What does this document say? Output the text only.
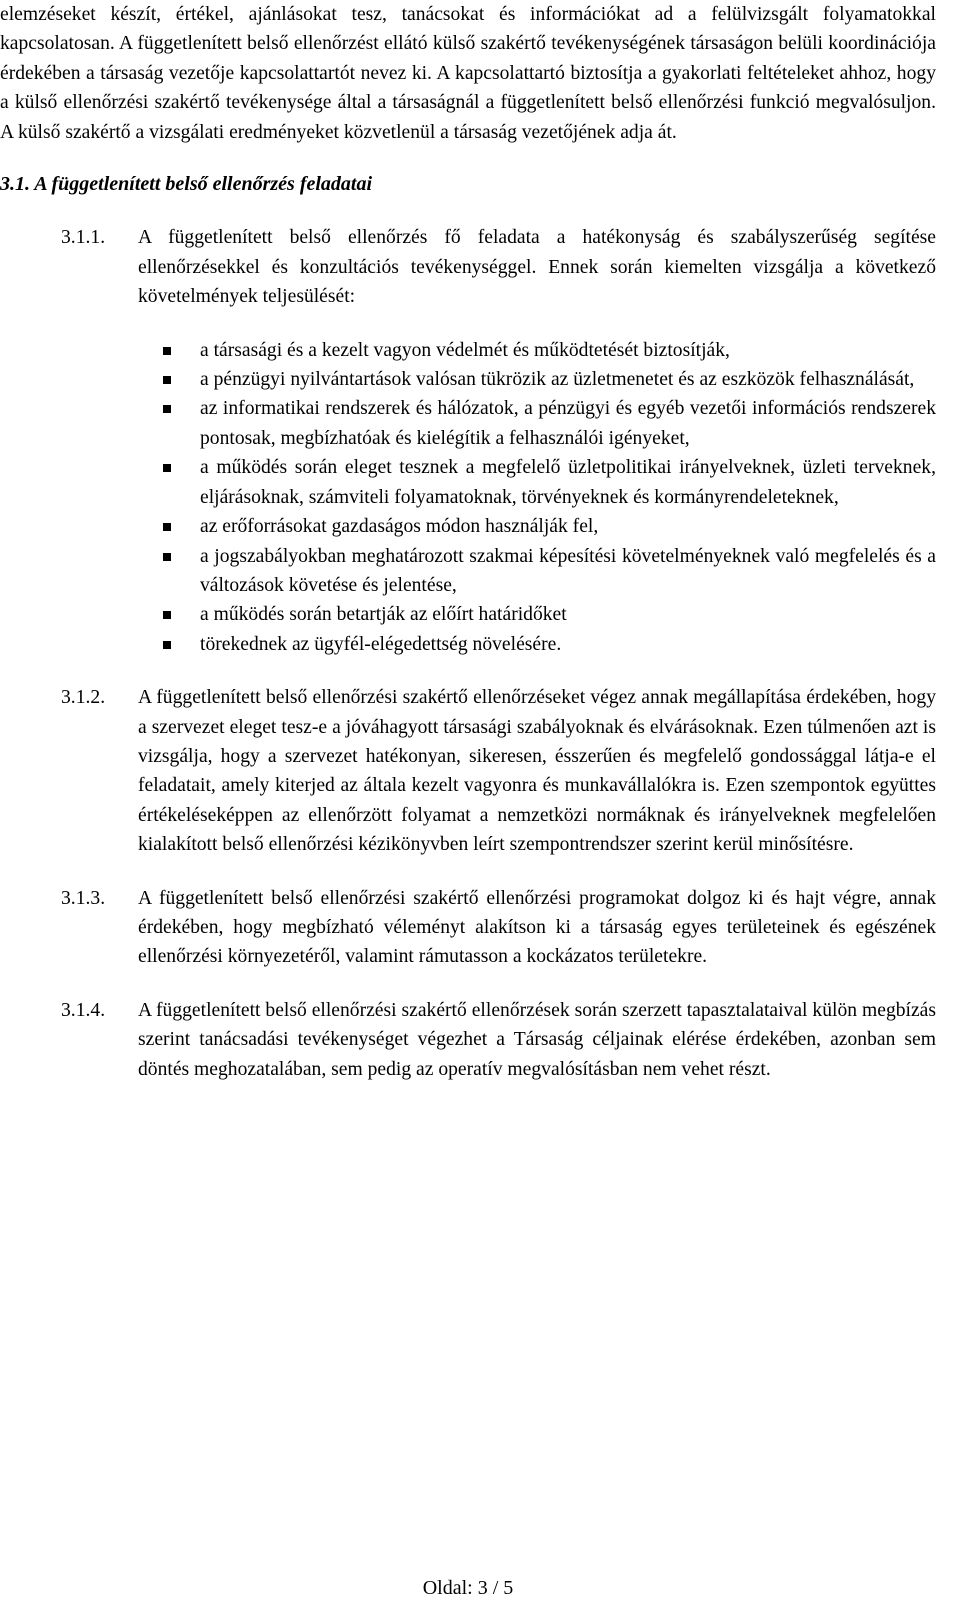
elemzéseket készít, értékel, ajánlásokat tesz, tanácsokat és információkat ad a felülvizsgált folyamatokkal kapcsolatosan. A függetlenített belső ellenőrzést ellátó külső szakértő tevékenységének társaságon belüli koordinációja érdekében a társaság vezetője kapcsolattartót nevez ki. A kapcsolattartó biztosítja a gyakorlati feltételeket ahhoz, hogy a külső ellenőrzési szakértő tevékenysége által a társaságnál a függetlenített belső ellenőrzési funkció megvalósuljon. A külső szakértő a vizsgálati eredményeket közvetlenül a társaság vezetőjének adja át.

3.1. A függetlenített belső ellenőrzés feladatai

3.1.1. A függetlenített belső ellenőrzés fő feladata a hatékonyság és szabályszerűség segítése ellenőrzésekkel és konzultációs tevékenységgel. Ennek során kiemelten vizsgálja a következő követelmények teljesülését:

a társasági és a kezelt vagyon védelmét és működtetését biztosítják,
a pénzügyi nyilvántartások valósan tükrözik az üzletmenetet és az eszközök felhasználását,
az informatikai rendszerek és hálózatok, a pénzügyi és egyéb vezetői információs rendszerek pontosak, megbízhatóak és kielégítik a felhasználói igényeket,
a működés során eleget tesznek a megfelelő üzletpolitikai irányelveknek, üzleti terveknek, eljárásoknak, számviteli folyamatoknak, törvényeknek és kormányrendeleteknek,
az erőforrásokat gazdaságos módon használják fel,
a jogszabályokban meghatározott szakmai képesítési követelményeknek való megfelelés és a változások követése és jelentése,
a működés során betartják az előírt határidőket
törekednek az ügyfél-elégedettség növelésére.
3.1.2. A függetlenített belső ellenőrzési szakértő ellenőrzéseket végez annak megállapítása érdekében, hogy a szervezet eleget tesz-e a jóváhagyott társasági szabályoknak és elvárásoknak. Ezen túlmenően azt is vizsgálja, hogy a szervezet hatékonyan, sikeresen, ésszerűen és megfelelő gondossággal látja-e el feladatait, amely kiterjed az általa kezelt vagyonra és munkavállalókra is. Ezen szempontok együttes értékeléseképpen az ellenőrzött folyamat a nemzetközi normáknak és irányelveknek megfelelően kialakított belső ellenőrzési kézikönyvben leírt szempontrendszer szerint kerül minősítésre.

3.1.3. A függetlenített belső ellenőrzési szakértő ellenőrzési programokat dolgoz ki és hajt végre, annak érdekében, hogy megbízható véleményt alakítson ki a társaság egyes területeinek és egészének ellenőrzési környezetéről, valamint rámutasson a kockázatos területekre.

3.1.4. A függetlenített belső ellenőrzési szakértő ellenőrzések során szerzett tapasztalataival külön megbízás szerint tanácsadási tevékenységet végezhet a Társaság céljainak elérése érdekében, azonban sem döntés meghozatalában, sem pedig az operatív megvalósításban nem vehet részt.

Oldal: 3 / 5
